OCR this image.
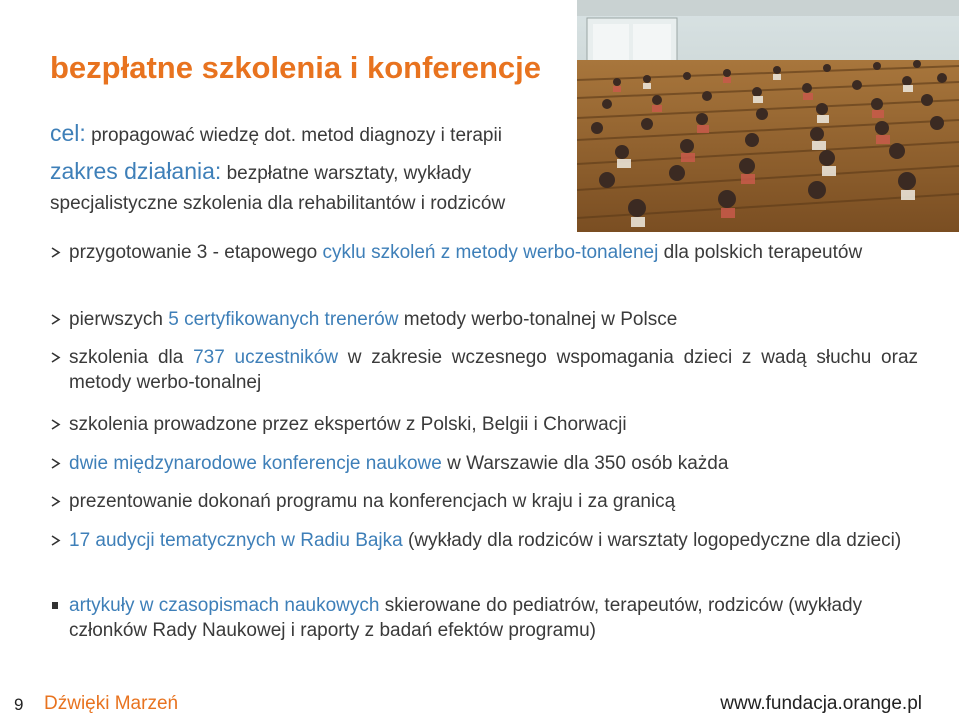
bezpłatne szkolenia i konferencje
cel: propagować wiedzę dot. metod diagnozy i terapii
zakres działania: bezpłatne warsztaty, wykłady
specjalistyczne szkolenia dla rehabilitantów i rodziców
przygotowanie 3 - etapowego cyklu szkoleń z metody werbo-tonalenej dla polskich terapeutów
pierwszych 5 certyfikowanych trenerów metody werbo-tonalnej w Polsce
szkolenia dla 737 uczestników w zakresie wczesnego wspomagania dzieci z wadą słuchu oraz metody werbo-tonalnej
szkolenia prowadzone przez ekspertów z Polski, Belgii i Chorwacji
dwie międzynarodowe konferencje naukowe w Warszawie dla 350 osób każda
prezentowanie dokonań programu na konferencjach w kraju i za granicą
17 audycji tematycznych w Radiu Bajka (wykłady dla rodziców i warsztaty logopedyczne dla dzieci)
artykuły w czasopismach naukowych skierowane do pediatrów, terapeutów, rodziców (wykłady członków Rady Naukowej i raporty z badań efektów programu)
9 Dźwięki Marzeń	www.fundacja.orange.pl
